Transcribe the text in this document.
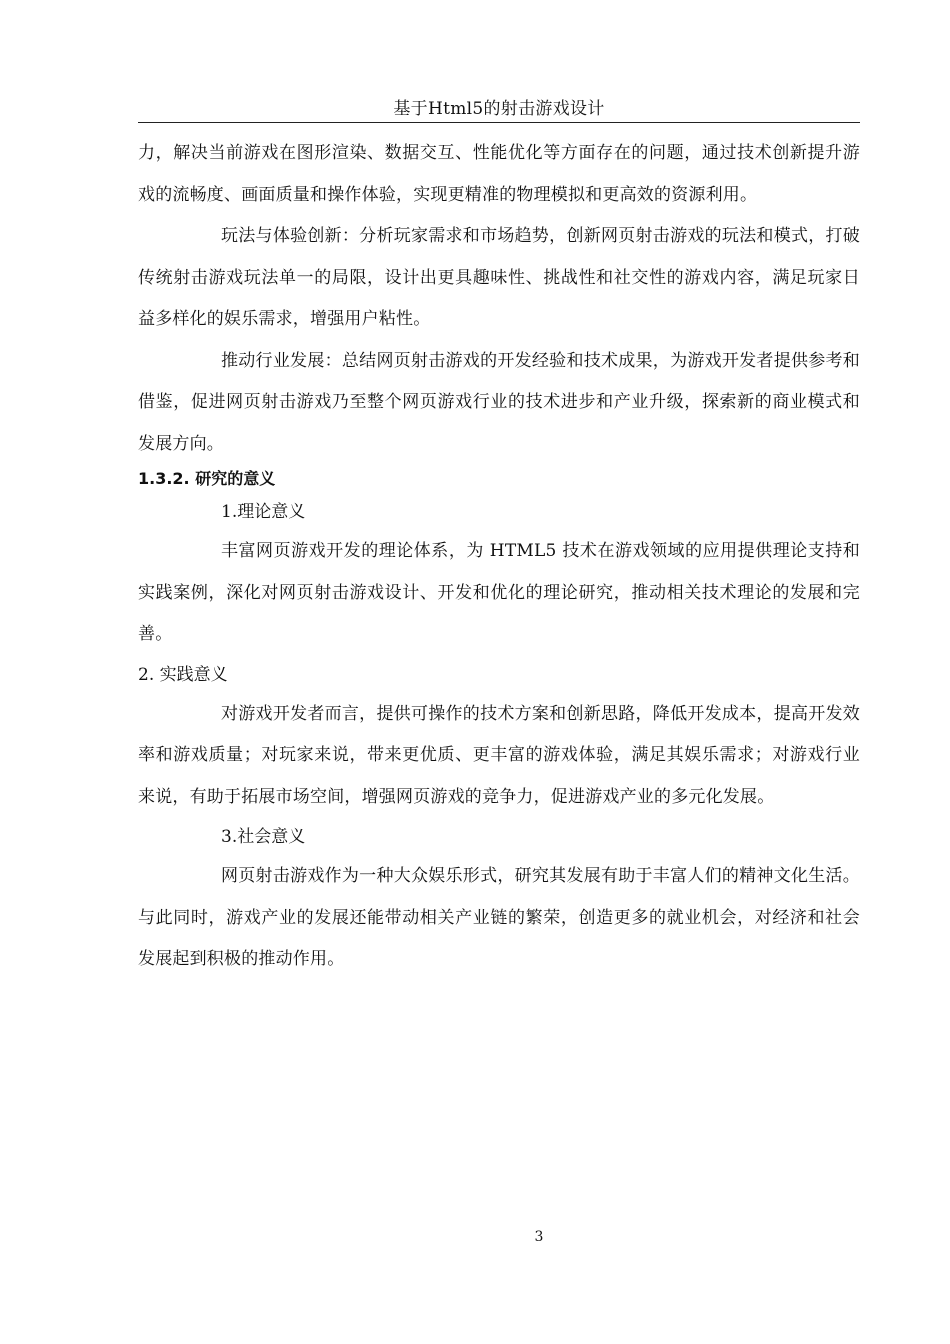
基于Html5的射击游戏设计

力，解决当前游戏在图形渲染、数据交互、性能优化等方面存在的问题，通过技术创新提升游戏的流畅度、画面质量和操作体验，实现更精准的物理模拟和更高效的资源利用。

玩法与体验创新：分析玩家需求和市场趋势，创新网页射击游戏的玩法和模式，打破传统射击游戏玩法单一的局限，设计出更具趣味性、挑战性和社交性的游戏内容，满足玩家日益多样化的娱乐需求，增强用户粘性。

推动行业发展：总结网页射击游戏的开发经验和技术成果，为游戏开发者提供参考和借鉴，促进网页射击游戏乃至整个网页游戏行业的技术进步和产业升级，探索新的商业模式和发展方向。

1.3.2. 研究的意义

1.理论意义

丰富网页游戏开发的理论体系，为 HTML5 技术在游戏领域的应用提供理论支持和实践案例，深化对网页射击游戏设计、开发和优化的理论研究，推动相关技术理论的发展和完善。

2. 实践意义

对游戏开发者而言，提供可操作的技术方案和创新思路，降低开发成本，提高开发效率和游戏质量；对玩家来说，带来更优质、更丰富的游戏体验，满足其娱乐需求；对游戏行业来说，有助于拓展市场空间，增强网页游戏的竞争力，促进游戏产业的多元化发展。

3.社会意义

网页射击游戏作为一种大众娱乐形式，研究其发展有助于丰富人们的精神文化生活。与此同时，游戏产业的发展还能带动相关产业链的繁荣，创造更多的就业机会，对经济和社会发展起到积极的推动作用。

3
